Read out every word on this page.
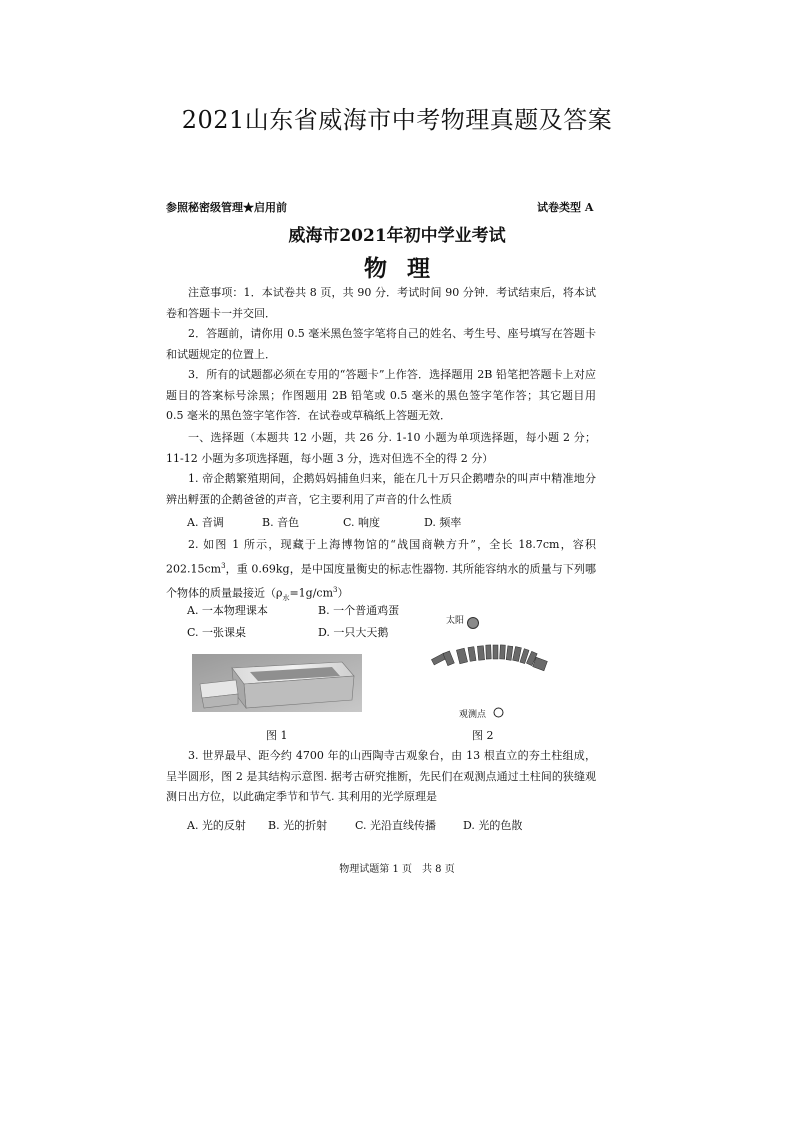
2021山东省威海市中考物理真题及答案
参照秘密级管理★启用前	试卷类型 A
威海市2021年初中学业考试
物理
注意事项：1．本试卷共 8 页，共 90 分．考试时间 90 分钟．考试结束后，将本试卷和答题卡一并交回．
2．答题前，请你用 0.5 毫米黑色签字笔将自己的姓名、考生号、座号填写在答题卡和试题规定的位置上．
3．所有的试题都必须在专用的“答题卡”上作答．选择题用 2B 铅笔把答题卡上对应题目的答案标号涂黑；作图题用 2B 铅笔或 0.5 毫米的黑色签字笔作答；其它题目用 0.5 毫米的黑色签字笔作答．在试卷或草稿纸上答题无效．
一、选择题（本题共 12 小题，共 26 分. 1-10 小题为单项选择题，每小题 2 分；11-12 小题为多项选择题，每小题 3 分，选对但选不全的得 2 分）
1. 帝企鹅繁殖期间，企鹅妈妈捕鱼归来，能在几十万只企鹅嘈杂的叫声中精准地分辨出孵蛋的企鹅爸爸的声音，它主要利用了声音的什么性质
A. 音调	B. 音色	C. 响度	D. 频率
2. 如图 1 所示，现藏于上海博物馆的“战国商鞅方升”，全长 18.7cm，容积 $202.15cm^3$，重 0.69kg，是中国度量衡史的标志性器物. 其所能容纳水的质量与下列哪个物体的质量最接近$(\rho_水=1g/cm^3)$
A. 一本物理课本	B. 一个普通鸡蛋
C. 一张课桌	D. 一只大天鹅
太阳
观测点
图 1	图 2
3. 世界最早、距今约 4700 年的山西陶寺古观象台，由 13 根直立的夯土柱组成，呈半圆形，图 2 是其结构示意图. 据考古研究推断，先民们在观测点通过土柱间的狭缝观测日出方位，以此确定季节和节气. 其利用的光学原理是
A. 光的反射 B. 光的折射	C. 光沿直线传播 D. 光的色散
物理试题第 1 页　共 8 页
